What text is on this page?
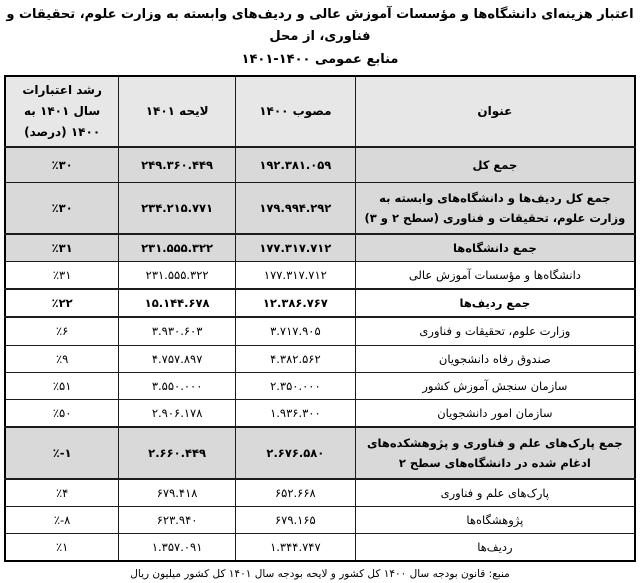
اعتبار هزینه‌ای دانشگاه‌ها و مؤسسات آموزش عالی و ردیف‌های وابسته به وزارت علوم، تحقیقات و فناوری، از محل
منابع عمومی ۱۴۰۰-۱۴۰۱
عنوان	مصوب ۱۴۰۰	لایحه ۱۴۰۱	رشد اعتبارات سال ۱۴۰۱ به ۱۴۰۰ (درصد)
جمع کل	۱۹۲.۳۸۱.۰۵۹	۲۴۹.۳۶۰.۴۴۹	٪۳۰
جمع کل ردیف‌ها و دانشگاه‌های وابسته به وزارت علوم، تحقیقات و فناوری (سطح ۲ و ۳)	۱۷۹.۹۹۴.۲۹۲	۲۳۴.۲۱۵.۷۷۱	٪۳۰
جمع دانشگاه‌ها	۱۷۷.۳۱۷.۷۱۲	۲۳۱.۵۵۵.۳۲۲	٪۳۱
دانشگاه‌ها و مؤسسات آموزش عالی	۱۷۷.۳۱۷.۷۱۲	۲۳۱.۵۵۵.۳۲۲	٪۳۱
جمع ردیف‌ها	۱۲.۳۸۶.۷۶۷	۱۵.۱۴۴.۶۷۸	٪۲۲
وزارت علوم، تحقیقات و فناوری	۳.۷۱۷.۹۰۵	۳.۹۳۰.۶۰۳	٪۶
صندوق رفاه دانشجویان	۴.۳۸۲.۵۶۲	۴.۷۵۷.۸۹۷	٪۹
سازمان سنجش آموزش کشور	۲.۳۵۰.۰۰۰	۳.۵۵۰.۰۰۰	٪۵۱
سازمان امور دانشجویان	۱.۹۳۶.۳۰۰	۲.۹۰۶.۱۷۸	٪۵۰
جمع پارک‌های علم و فناوری و پژوهشکده‌های ادغام شده در دانشگاه‌های سطح ۲	۲.۶۷۶.۵۸۰	۲.۶۶۰.۴۴۹	٪-۱
پارک‌های علم و فناوری	۶۵۲.۶۶۸	۶۷۹.۴۱۸	٪۴
پژوهشگاه‌ها	۶۷۹.۱۶۵	۶۲۳.۹۴۰	٪-۸
ردیف‌ها	۱.۳۴۴.۷۴۷	۱.۳۵۷.۰۹۱	٪۱
منبع: قانون بودجه سال ۱۴۰۰ کل کشور و لایحه بودجه سال ۱۴۰۱ کل کشور میلیون ریال
